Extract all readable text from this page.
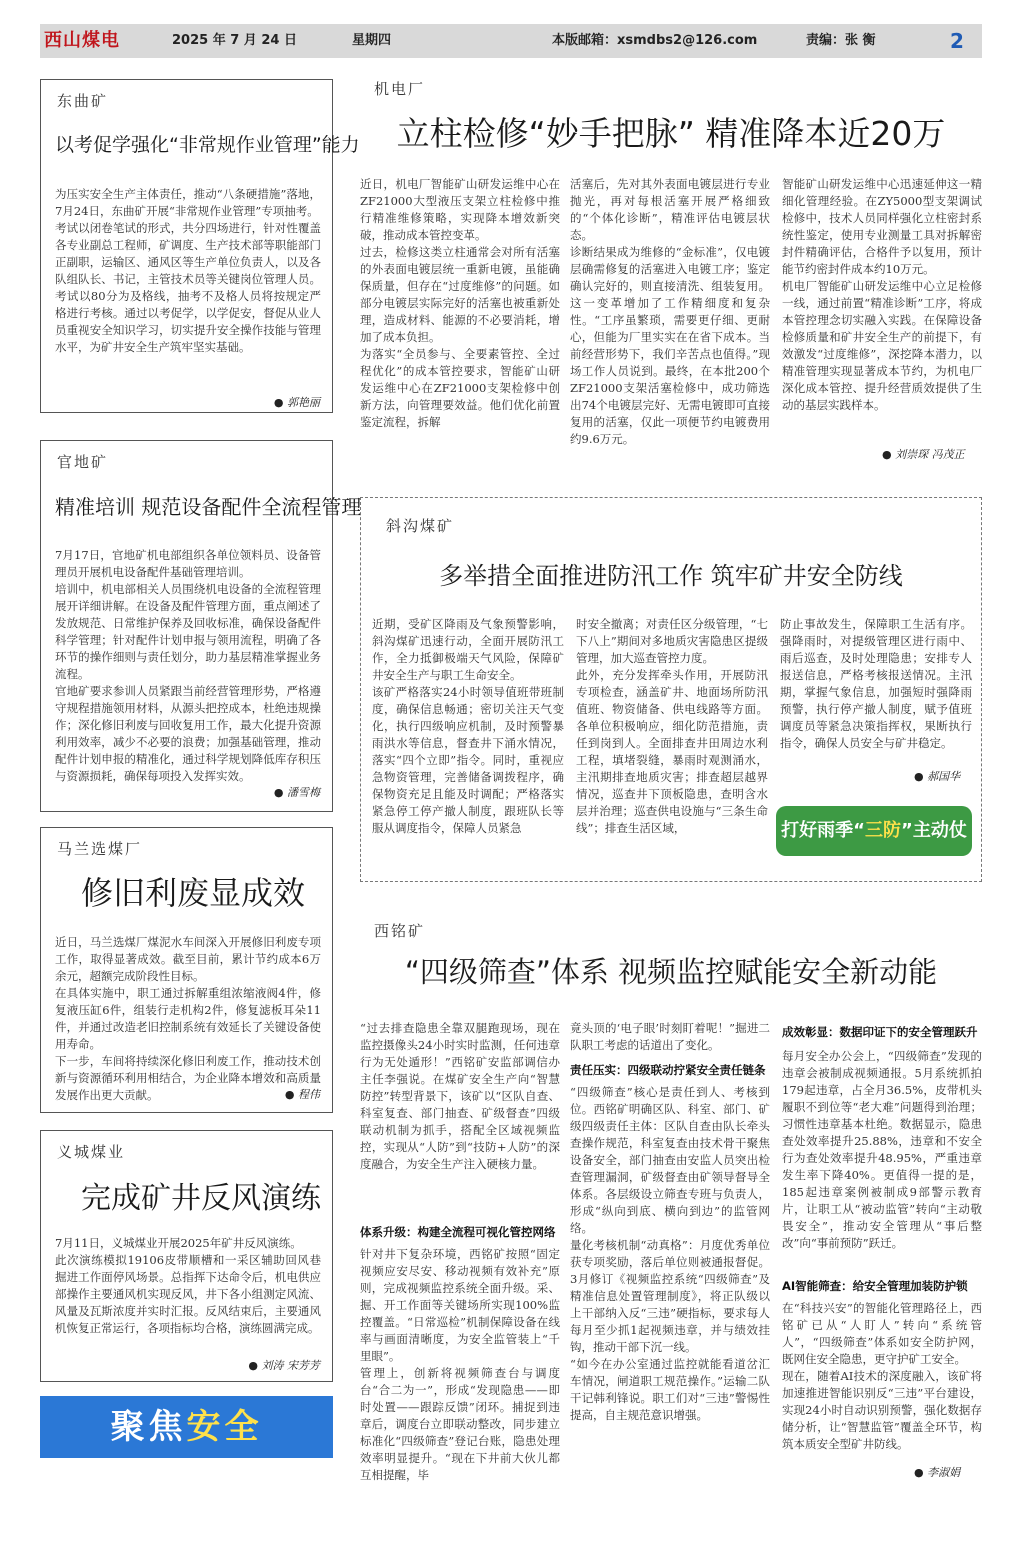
西山煤电	2025 年 7 月 24 日	星期四	本版邮箱：xsmdbs2@126.com	责编：张 衡	2
东曲矿
以考促学强化“非常规作业管理”能力
为压实安全生产主体责任，推动“八条硬措施”落地，7月24日，东曲矿开展“非常规作业管理”专项抽考。
考试以闭卷笔试的形式，共分四场进行，针对性覆盖各专业副总工程师，矿调度、生产技术部等职能部门正副职，运输区、通风区等生产单位负责人，以及各队组队长、书记，主管技术员等关键岗位管理人员。考试以80分为及格线，抽考不及格人员将按规定严格进行考核。通过以考促学，以学促安，督促从业人员重视安全知识学习，切实提升安全操作技能与管理水平，为矿井安全生产筑牢坚实基础。
● 郭艳丽
官地矿
精准培训 规范设备配件全流程管理
7月17日，官地矿机电部组织各单位领料员、设备管理员开展机电设备配件基础管理培训。
培训中，机电部相关人员围绕机电设备的全流程管理展开详细讲解。在设备及配件管理方面，重点阐述了发放规范、日常维护保养及回收标准，确保设备配件科学管理；针对配件计划申报与领用流程，明确了各环节的操作细则与责任划分，助力基层精准掌握业务流程。
官地矿要求参训人员紧跟当前经营管理形势，严格遵守规程措施领用材料，从源头把控成本，杜绝违规操作；深化修旧利废与回收复用工作，最大化提升资源利用效率，减少不必要的浪费；加强基础管理，推动配件计划申报的精准化，通过科学规划降低库存积压与资源损耗，确保每项投入发挥实效。
● 潘雪梅
马兰选煤厂
修旧利废显成效
近日，马兰选煤厂煤泥水车间深入开展修旧利废专项工作，取得显著成效。截至目前，累计节约成本6万余元，超额完成阶段性目标。
在具体实施中，职工通过拆解重组浓缩液阀4件，修复液压缸6件，组装行走机构2件，修复滤板耳朵11件，并通过改造老旧控制系统有效延长了关键设备使用寿命。
下一步，车间将持续深化修旧利废工作，推动技术创新与资源循环利用相结合，为企业降本增效和高质量发展作出更大贡献。	● 程伟
义城煤业
完成矿井反风演练
7月11日，义城煤业开展2025年矿井反风演练。
此次演练模拟19106皮带顺槽和一采区辅助回风巷掘进工作面停风场景。总指挥下达命令后，机电供应部操作主要通风机实现反风，井下各小组测定风流、风量及瓦斯浓度并实时汇报。反风结束后，主要通风机恢复正常运行，各项指标均合格，演练圆满完成。
● 刘涛 宋芳芳
聚焦安全
机电厂
立柱检修“妙手把脉” 精准降本近20万
近日，机电厂智能矿山研发运维中心在ZF21000大型液压支架立柱检修中推行精准维修策略，实现降本增效新突破，推动成本管控变革。
过去，检修这类立柱通常会对所有活塞的外表面电镀层统一重新电镀，虽能确保质量，但存在“过度维修”的问题。如部分电镀层实际完好的活塞也被重新处理，造成材料、能源的不必要消耗，增加了成本负担。
为落实“全员参与、全要素管控、全过程优化”的成本管控要求，智能矿山研发运维中心在ZF21000支架检修中创新方法，向管理要效益。他们优化前置鉴定流程，拆解
活塞后，先对其外表面电镀层进行专业抛光，再对每根活塞开展严格细致的“个体化诊断”，精准评估电镀层状态。
诊断结果成为维修的“金标准”，仅电镀层确需修复的活塞进入电镀工序；鉴定确认完好的，则直接清洗、组装复用。这一变革增加了工作精细度和复杂性。“工序虽繁琐，需要更仔细、更耐心，但能为厂里实实在在省下成本。当前经营形势下，我们辛苦点也值得。”现场工作人员说到。最终，在本批200个ZF21000支架活塞检修中，成功筛选出74个电镀层完好、无需电镀即可直接复用的活塞，仅此一项便节约电镀费用约9.6万元。
智能矿山研发运维中心迅速延伸这一精细化管理经验。在ZY5000型支架调试检修中，技术人员同样强化立柱密封系统性鉴定，使用专业测量工具对拆解密封件精确评估，合格件予以复用，预计能节约密封件成本约10万元。
机电厂智能矿山研发运维中心立足检修一线，通过前置“精准诊断”工序，将成本管控理念切实融入实践。在保障设备检修质量和矿井安全生产的前提下，有效激发“过度维修”，深挖降本潜力，以精准管理实现显著成本节约，为机电厂深化成本管控、提升经营质效提供了生动的基层实践样本。
● 刘崇琛 冯茂正
斜沟煤矿
多举措全面推进防汛工作 筑牢矿井安全防线
近期，受矿区降雨及气象预警影响，斜沟煤矿迅速行动，全面开展防汛工作，全力抵御极端天气风险，保障矿井安全生产与职工生命安全。
该矿严格落实24小时领导值班带班制度，确保信息畅通；密切关注天气变化，执行四级响应机制，及时预警暴雨洪水等信息，督查井下涌水情况，落实“四个立即”指令。同时，重视应急物资管理，完善储备调拨程序，确保物资充足且能及时调配；严格落实紧急停工停产撤人制度，跟班队长等服从调度指令，保障人员紧急
时安全撤离；对责任区分级管理，“七下八上”期间对多地质灾害隐患区提级管理，加大巡查管控力度。
此外，充分发挥牵头作用，开展防汛专项检查，涵盖矿井、地面场所防汛值班、物资储备、供电线路等方面。各单位积极响应，细化防范措施，责任到岗到人。全面排查井田周边水利工程，填堵裂缝，暴雨时观测涌水，主汛期排查地质灾害；排查超层越界情况，巡查井下顶板隐患，查明含水层并治理；巡查供电设施与“三条生命线”；排查生活区域，
防止事故发生，保障职工生活有序。强降雨时，对提级管理区进行雨中、雨后巡查，及时处理隐患；安排专人报送信息，严格考核报送情况。主汛期，掌握气象信息，加强短时强降雨预警，执行停产撤人制度，赋予值班调度员等紧急决策指挥权，果断执行指令，确保人员安全与矿井稳定。
● 郝国华
打好雨季“三防”主动仗
西铭矿
“四级筛查”体系 视频监控赋能安全新动能
“过去排查隐患全靠双腿跑现场，现在监控摄像头24小时实时监测，任何违章行为无处遁形！”西铭矿安监部调信办主任李强说。在煤矿安全生产向“智慧防控”转型背景下，该矿以“区队自查、科室复查、部门抽查、矿级督查”四级联动机制为抓手，搭配全区域视频监控，实现从“人防”到“技防+人防”的深度融合，为安全生产注入硬核力量。
体系升级：构建全流程可视化管控网络
针对井下复杂环境，西铭矿按照“固定视频应安尽安、移动视频有效补充”原则，完成视频监控系统全面升级。采、掘、开工作面等关键场所实现100%监控覆盖。“日常巡检”机制保障设备在线率与画面清晰度，为安全监管装上“千里眼”。
管理上，创新将视频筛查台与调度台“合二为一”，形成“发现隐患——即时处置——跟踪反馈”闭环。捕捉到违章后，调度台立即联动整改，同步建立标准化“四级筛查”登记台账，隐患处理效率明显提升。“现在下井前大伙儿都互相提醒，毕
竟头顶的‘电子眼’时刻盯着呢！”掘进二队职工考虑的话道出了变化。
责任压实：四级联动拧紧安全责任链条
“四级筛查”核心是责任到人、考核到位。西铭矿明确区队、科室、部门、矿级四级责任主体：区队自查由队长牵头查操作规范，科室复查由技术骨干聚焦设备安全，部门抽查由安监人员突出检查管理漏洞，矿级督查由矿领导督导全体系。各层级设立筛查专班与负责人，形成“纵向到底、横向到边”的监管网络。
量化考核机制“动真格”：月度优秀单位获专项奖励，落后单位则被通报督促。3月修订《视频监控系统“四级筛查”及精准信息处置管理制度》，将正队级以上干部纳入反“三违”硬指标，要求每人每月至少抓1起视频违章，并与绩效挂钩，推动干部下沉一线。
“如今在办公室通过监控就能看道岔汇车情况，闸道职工规范操作。”运输二队干记韩利锋说。职工们对“三违”警惕性提高，自主规范意识增强。
成效彰显：数据印证下的安全管理跃升
每月安全办公会上，“四级筛查”发现的违章会被制成视频通报。5月系统抓拍179起违章，占全月36.5%，皮带机头履职不到位等“老大难”问题得到治理；习惯性违章基本杜绝。数据显示，隐患查处效率提升25.88%，违章和不安全行为查处效率提升48.95%，严重违章发生率下降40%。更值得一提的是，185起违章案例被制成9部警示教育片，让职工从“被动监管”转向“主动敬畏安全”，推动安全管理从“事后整改”向“事前预防”跃迁。
AI智能筛查：给安全管理加装防护锁
在“科技兴安”的智能化管理路径上，西铭矿已从“人盯人”转向“系统管人”，“四级筛查”体系如安全防护网，既网住安全隐患，更守护矿工安全。
现在，随着AI技术的深度融入，该矿将加速推进智能识别反“三违”平台建设，实现24小时自动识别预警，强化数据存储分析，让“智慧监管”覆盖全环节，构筑本质安全型矿井防线。
● 李淑娟
